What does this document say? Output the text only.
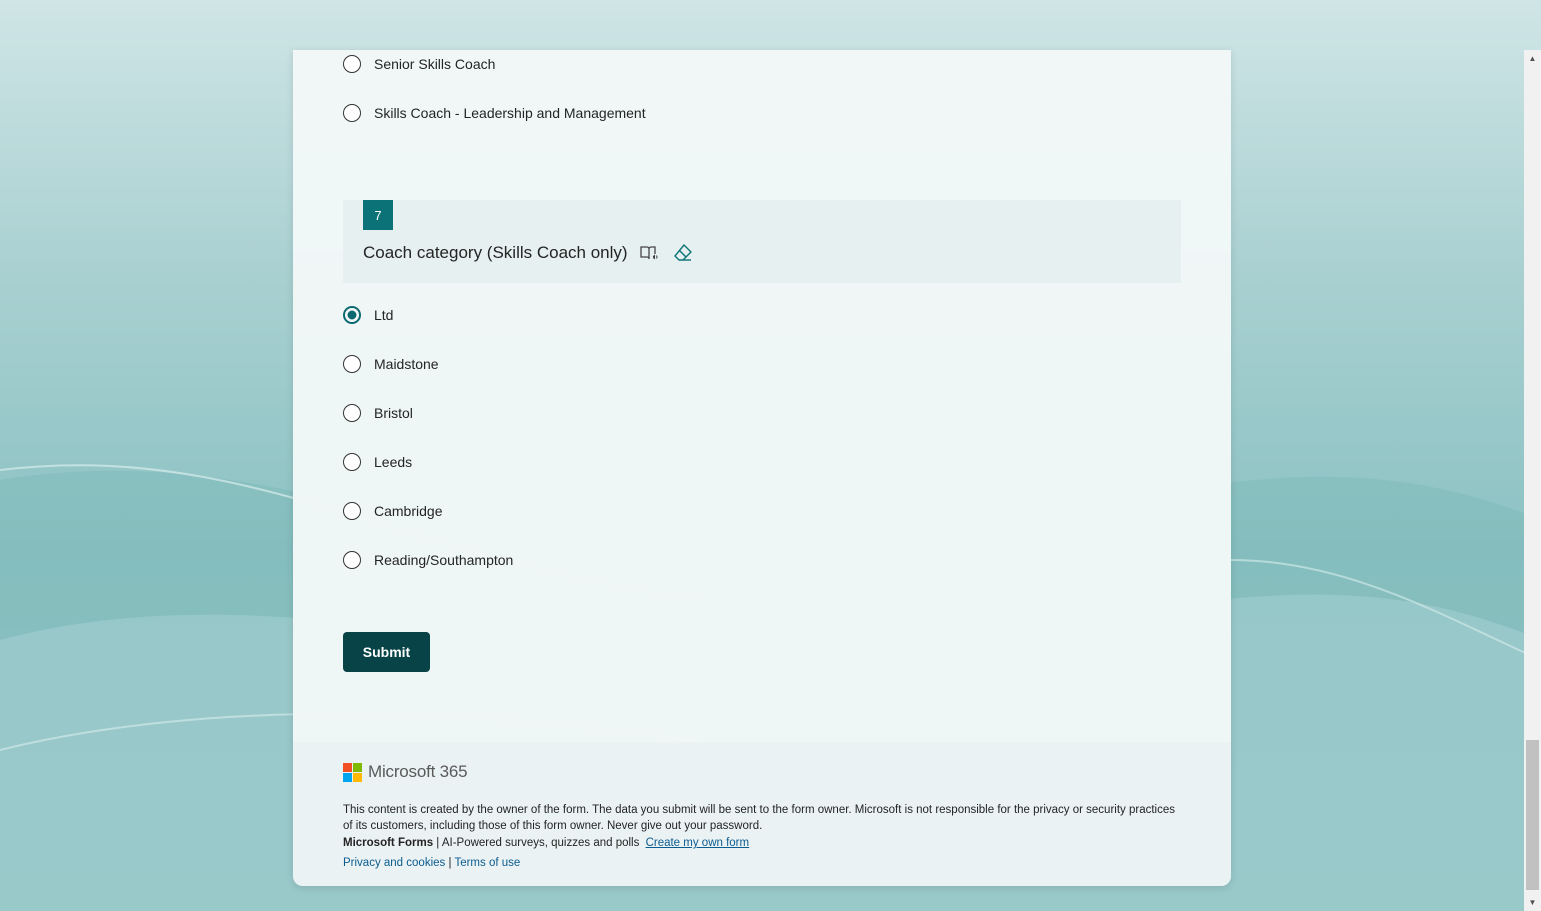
Senior Skills Coach
Skills Coach - Leadership and Management
7
Coach category (Skills Coach only)
Ltd
Maidstone
Bristol
Leeds
Cambridge
Reading/Southampton
Submit
Microsoft 365
This content is created by the owner of the form. The data you submit will be sent to the form owner. Microsoft is not responsible for the privacy or security practices of its customers, including those of this form owner. Never give out your password.
Microsoft Forms | AI-Powered surveys, quizzes and polls Create my own form
Privacy and cookies | Terms of use
▲
▼
